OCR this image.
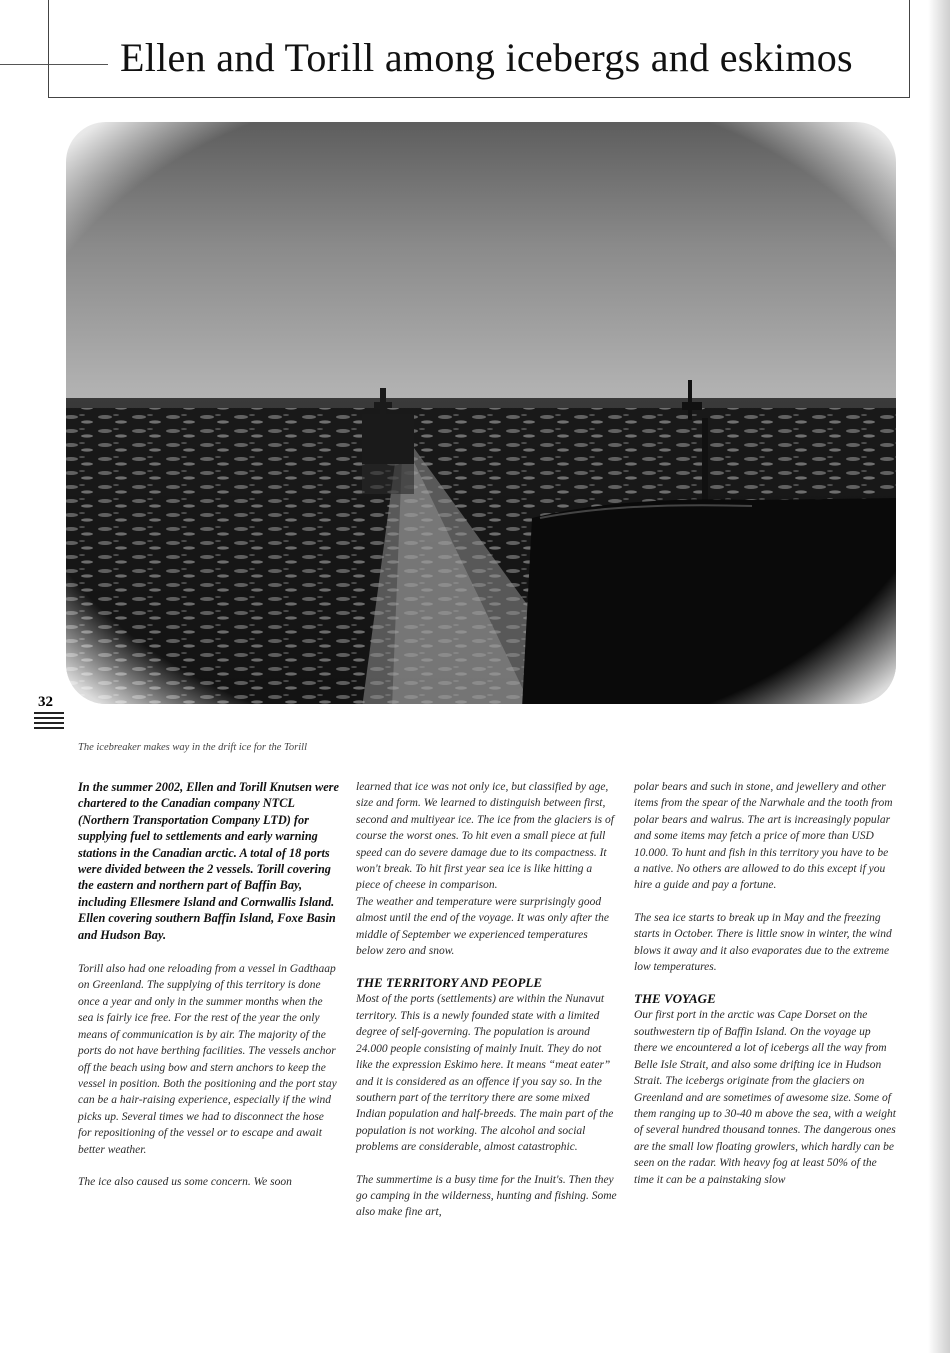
Ellen and Torill among icebergs and eskimos
32
The icebreaker makes way in the drift ice for the Torill

In the summer 2002, Ellen and Torill Knutsen were chartered to the Canadian company NTCL (Northern Transportation Company LTD) for supplying fuel to settlements and early warning stations in the Canadian arctic. A total of 18 ports were divided between the 2 vessels. Torill covering the eastern and northern part of Baffin Bay, including Ellesmere Island and Cornwallis Island. Ellen covering southern Baffin Island, Foxe Basin and Hudson Bay.

Torill also had one reloading from a vessel in Gadthaap on Greenland. The supplying of this territory is done once a year and only in the summer months when the sea is fairly ice free. For the rest of the year the only means of communication is by air. The majority of the ports do not have berthing facilities. The vessels anchor off the beach using bow and stern anchors to keep the vessel in position. Both the positioning and the port stay can be a hair-raising experience, especially if the wind picks up. Several times we had to disconnect the hose for repositioning of the vessel or to escape and await better weather.

The ice also caused us some concern. We soon

learned that ice was not only ice, but classified by age, size and form. We learned to distinguish between first, second and multiyear ice. The ice from the glaciers is of course the worst ones. To hit even a small piece at full speed can do severe damage due to its compactness. It won't break. To hit first year sea ice is like hitting a piece of cheese in comparison.

The weather and temperature were surprisingly good almost until the end of the voyage. It was only after the middle of September we experienced temperatures below zero and snow.

THE TERRITORY AND PEOPLE

Most of the ports (settlements) are within the Nunavut territory. This is a newly founded state with a limited degree of self-governing. The population is around 24.000 people consisting of mainly Inuit. They do not like the expression Eskimo here. It means “meat eater” and it is considered as an offence if you say so. In the southern part of the territory there are some mixed Indian population and half-breeds. The main part of the population is not working. The alcohol and social problems are considerable, almost catastrophic.

The summertime is a busy time for the Inuit's. Then they go camping in the wilderness, hunting and fishing. Some also make fine art,

polar bears and such in stone, and jewellery and other items from the spear of the Narwhale and the tooth from polar bears and walrus. The art is increasingly popular and some items may fetch a price of more than USD 10.000. To hunt and fish in this territory you have to be a native. No others are allowed to do this except if you hire a guide and pay a fortune.

The sea ice starts to break up in May and the freezing starts in October. There is little snow in winter, the wind blows it away and it also evaporates due to the extreme low temperatures.

THE VOYAGE

Our first port in the arctic was Cape Dorset on the southwestern tip of Baffin Island. On the voyage up there we encountered a lot of icebergs all the way from Belle Isle Strait, and also some drifting ice in Hudson Strait. The icebergs originate from the glaciers on Greenland and are sometimes of awesome size. Some of them ranging up to 30-40 m above the sea, with a weight of several hundred thousand tonnes. The dangerous ones are the small low floating growlers, which hardly can be seen on the radar. With heavy fog at least 50% of the time it can be a painstaking slow
